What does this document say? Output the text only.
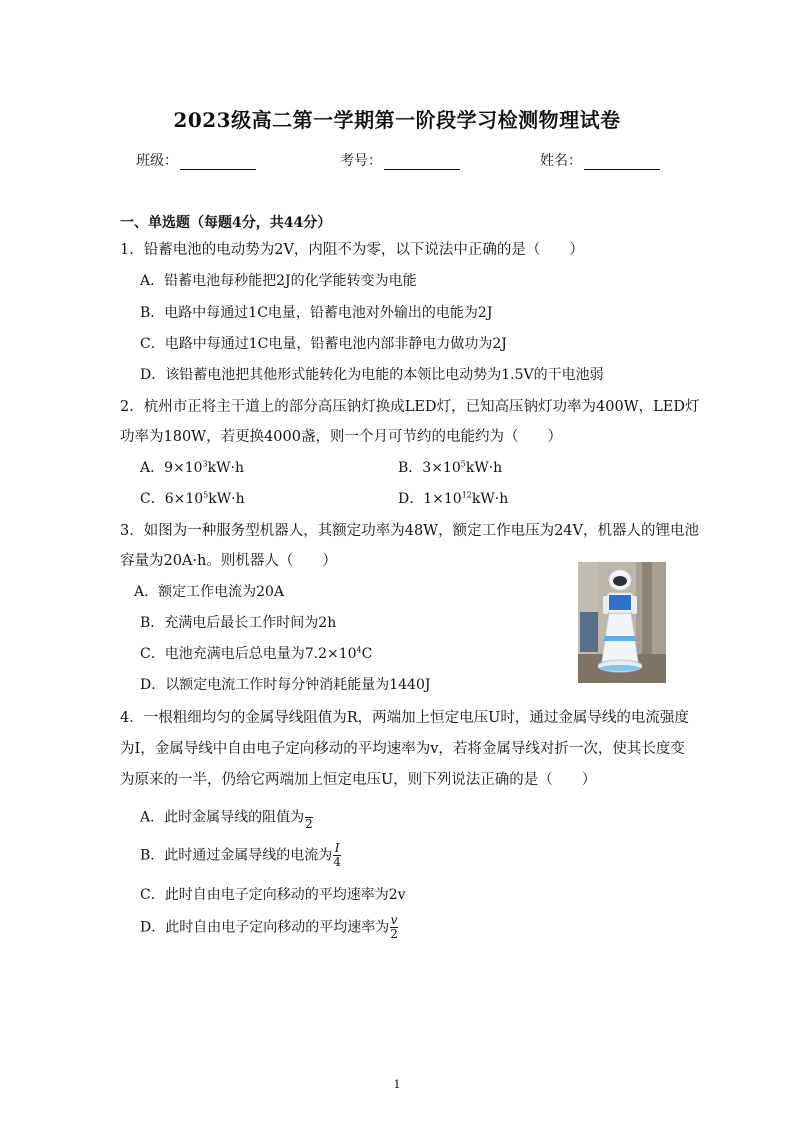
2023级高二第一学期第一阶段学习检测物理试卷
班级：	考号：	姓名：
一、单选题（每题4分，共44分）
1．铅蓄电池的电动势为2V，内阻不为零，以下说法中正确的是（　　）
A．铅蓄电池每秒能把2J的化学能转变为电能
B．电路中每通过1C电量，铅蓄电池对外输出的电能为2J
C．电路中每通过1C电量，铅蓄电池内部非静电力做功为2J
D．该铅蓄电池把其他形式能转化为电能的本领比电动势为1.5V的干电池弱
2．杭州市正将主干道上的部分高压钠灯换成LED灯，已知高压钠灯功率为400W，LED灯
功率为180W，若更换4000盏，则一个月可节约的电能约为（　　）
A．$9\times 10^3kW\cdot h$	B．$3\times 10^5kW\cdot h$
C．$6\times 10^5kW\cdot h$	D．$1\times 10^{12}kW\cdot h$
3．如图为一种服务型机器人，其额定功率为48W，额定工作电压为24V，机器人的锂电池
容量为20A·h。则机器人（　　）
A．额定工作电流为20A
B．充满电后最长工作时间为2h
C．电池充满电后总电量为$7.2\times 10^4C$
D．以额定电流工作时每分钟消耗能量为1440J
4．一根粗细均匀的金属导线阻值为R，两端加上恒定电压U时，通过金属导线的电流强度
为I，金属导线中自由电子定向移动的平均速率为v，若将金属导线对折一次，使其长度变
为原来的一半，仍给它两端加上恒定电压U，则下列说法正确的是（　　）
A．此时金属导线的阻值为
2
B．此时通过金属导线的电流为 $\frac{I}{4}$
C．此时自由电子定向移动的平均速率为2v
D．此时自由电子定向移动的平均速率为 $\frac{v}{2}$
1
